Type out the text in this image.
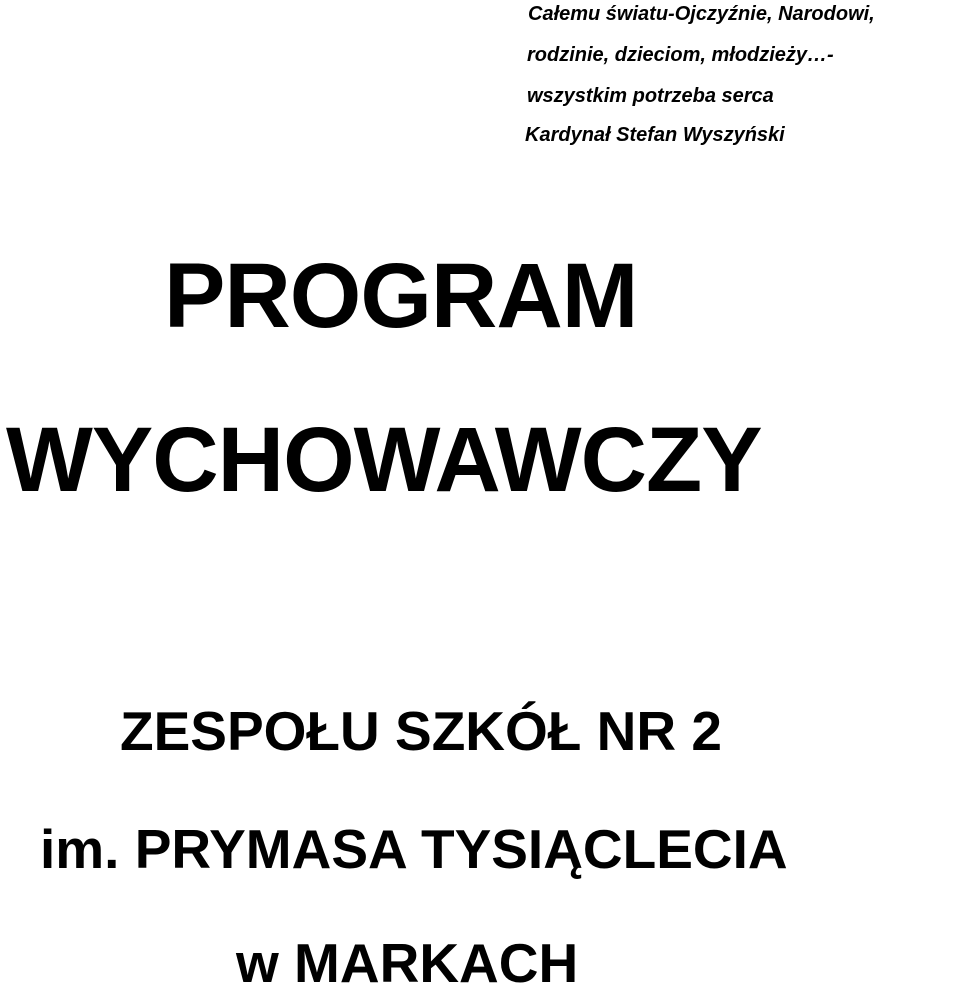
Całemu światu-Ojczyźnie, Narodowi,
rodzinie, dzieciom, młodzieży…-
wszystkim potrzeba serca
Kardynał Stefan Wyszyński
PROGRAM
WYCHOWAWCZY
ZESPOŁU SZKÓŁ NR 2
im. PRYMASA TYSIĄCLECIA
w MARKACH
